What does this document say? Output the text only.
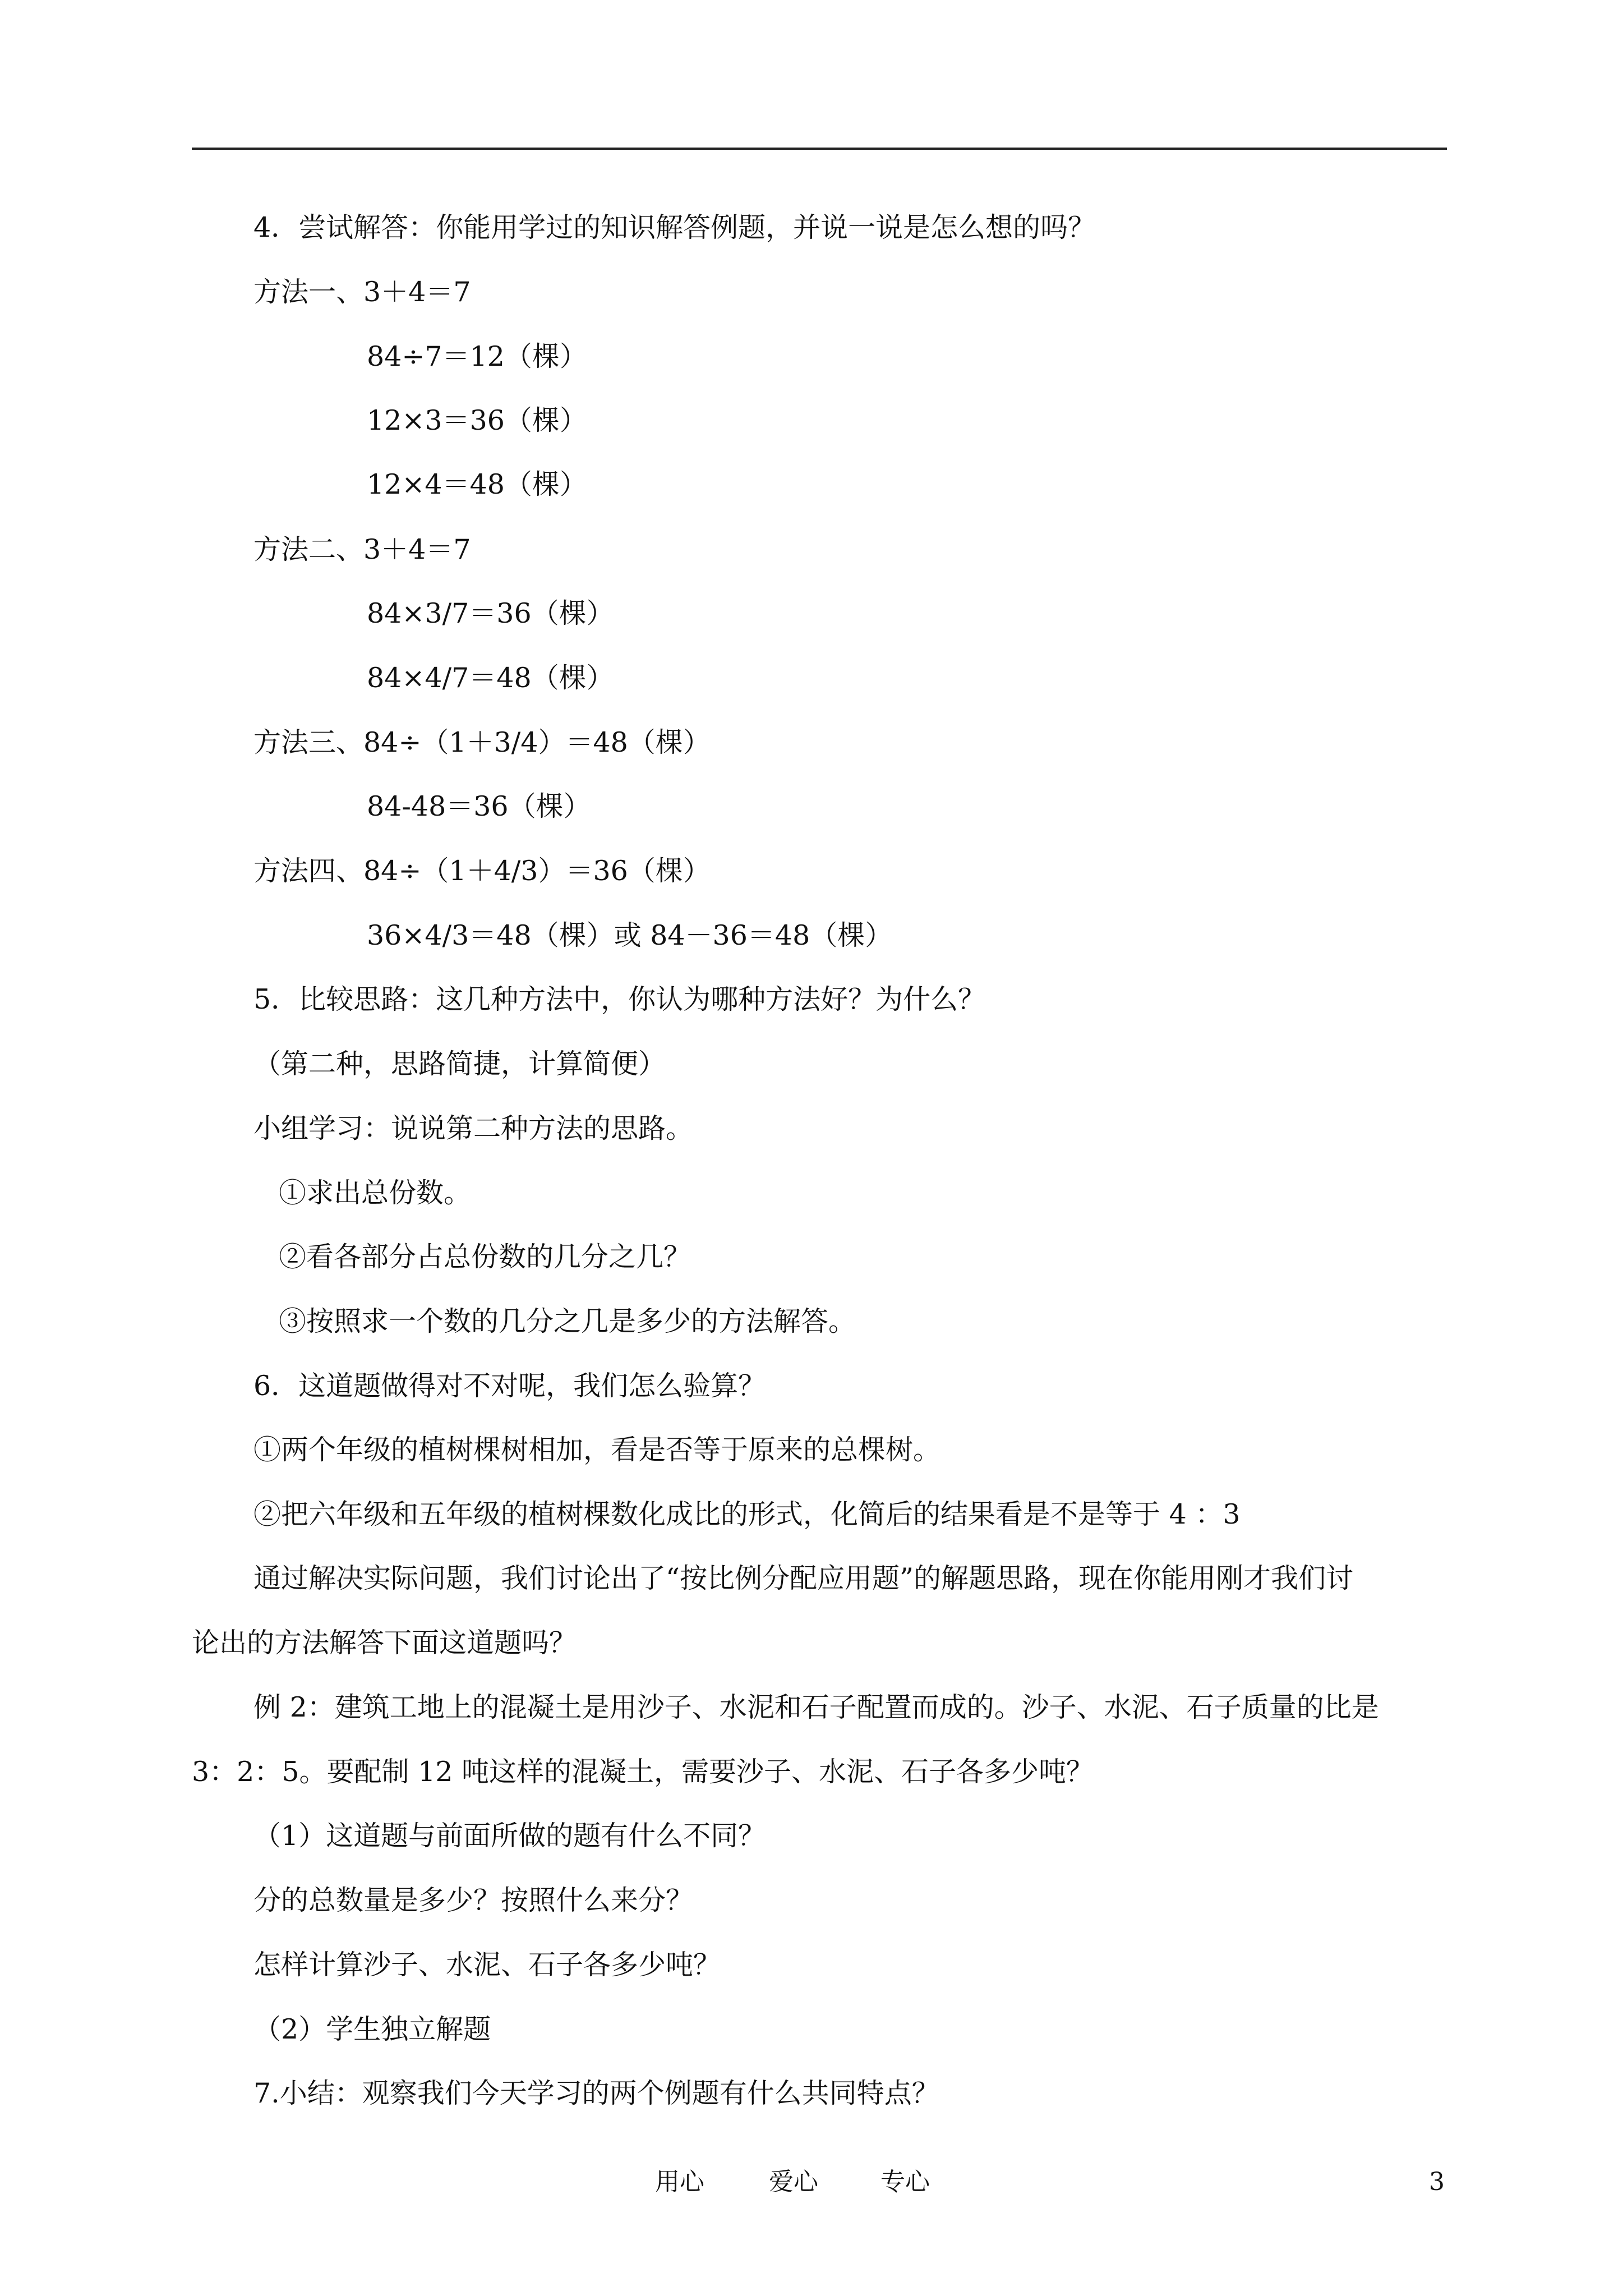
4．尝试解答：你能用学过的知识解答例题，并说一说是怎么想的吗？
方法一、3＋4＝7
84÷7＝12（棵）
12×3＝36（棵）
12×4＝48（棵）
方法二、3＋4＝7
84×3/7＝36（棵）
84×4/7＝48（棵）
方法三、84÷（1＋3/4）＝48（棵）
84-48＝36（棵）
方法四、84÷（1＋4/3）＝36（棵）
36×4/3＝48（棵）或 84－36＝48（棵）
5．比较思路：这几种方法中，你认为哪种方法好？为什么？
（第二种，思路简捷，计算简便）
小组学习：说说第二种方法的思路。
①求出总份数。
②看各部分占总份数的几分之几？
③按照求一个数的几分之几是多少的方法解答。
6．这道题做得对不对呢，我们怎么验算？
①两个年级的植树棵树相加，看是否等于原来的总棵树。
②把六年级和五年级的植树棵数化成比的形式，化简后的结果看是不是等于 4 ：3
通过解决实际问题，我们讨论出了“按比例分配应用题”的解题思路，现在你能用刚才我们讨
论出的方法解答下面这道题吗？
例 2：建筑工地上的混凝土是用沙子、水泥和石子配置而成的。沙子、水泥、石子质量的比是
3：2：5。要配制 12 吨这样的混凝土，需要沙子、水泥、石子各多少吨？
（1）这道题与前面所做的题有什么不同？
分的总数量是多少？按照什么来分？
怎样计算沙子、水泥、石子各多少吨？
（2）学生独立解题
7.小结：观察我们今天学习的两个例题有什么共同特点？
用心	爱心	专心	3
